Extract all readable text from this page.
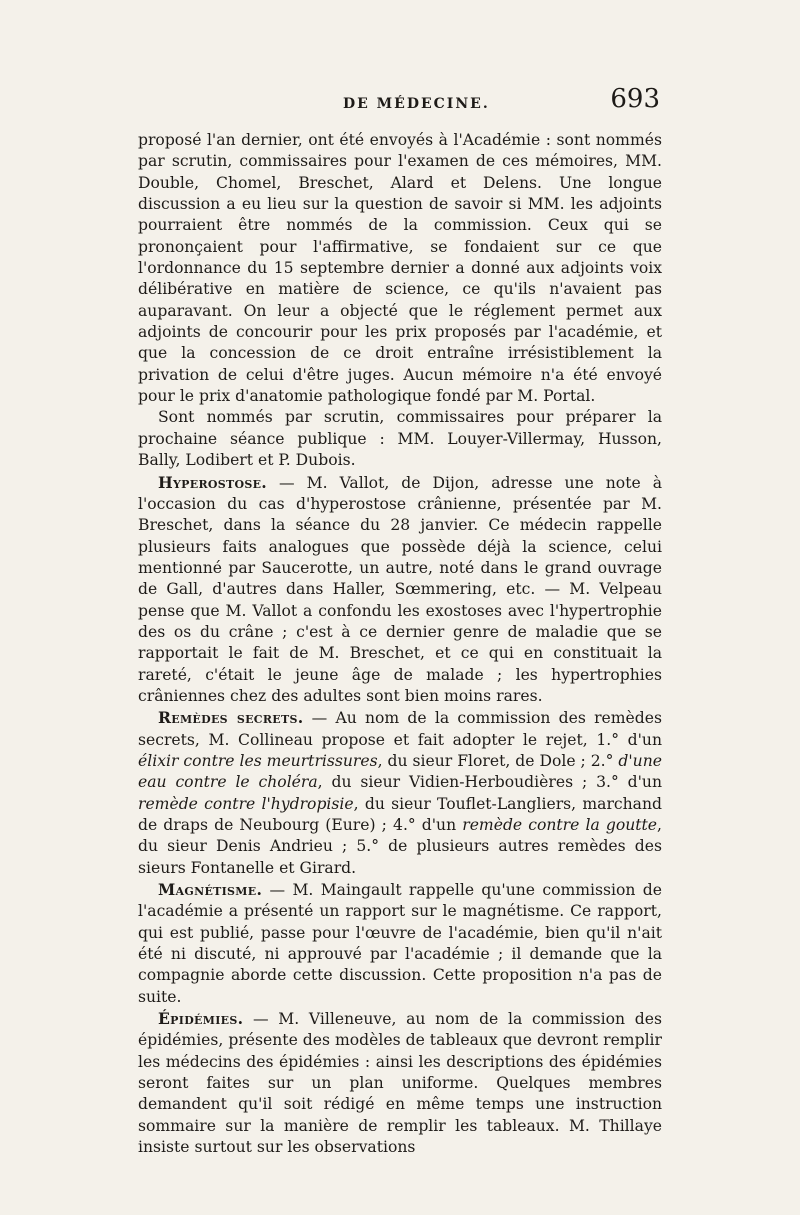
DE MÉDECINE.	693

proposé l'an dernier, ont été envoyés à l'Académie : sont nommés par scrutin, commissaires pour l'examen de ces mémoires, MM. Double, Chomel, Breschet, Alard et Delens. Une longue discussion a eu lieu sur la question de savoir si MM. les adjoints pourraient être nommés de la commission. Ceux qui se prononçaient pour l'affirmative, se fondaient sur ce que l'ordonnance du 15 septembre dernier a donné aux adjoints voix délibérative en matière de science, ce qu'ils n'avaient pas auparavant. On leur a objecté que le réglement permet aux adjoints de concourir pour les prix proposés par l'académie, et que la concession de ce droit entraîne irrésistiblement la privation de celui d'être juges. Aucun mémoire n'a été envoyé pour le prix d'anatomie pathologique fondé par M. Portal.

Sont nommés par scrutin, commissaires pour préparer la prochaine séance publique : MM. Louyer-Villermay, Husson, Bally, Lodibert et P. Dubois.

Hyperostose. — M. Vallot, de Dijon, adresse une note à l'occasion du cas d'hyperostose crânienne, présentée par M. Breschet, dans la séance du 28 janvier. Ce médecin rappelle plusieurs faits analogues que possède déjà la science, celui mentionné par Saucerotte, un autre, noté dans le grand ouvrage de Gall, d'autres dans Haller, Sœmmering, etc. — M. Velpeau pense que M. Vallot a confondu les exostoses avec l'hypertrophie des os du crâne ; c'est à ce dernier genre de maladie que se rapportait le fait de M. Breschet, et ce qui en constituait la rareté, c'était le jeune âge de malade ; les hypertrophies crâniennes chez des adultes sont bien moins rares.

Remèdes secrets. — Au nom de la commission des remèdes secrets, M. Collineau propose et fait adopter le rejet, 1.° d'un élixir contre les meurtrissures, du sieur Floret, de Dole ; 2.° d'une eau contre le choléra, du sieur Vidien-Herboudières ; 3.° d'un remède contre l'hydropisie, du sieur Touflet-Langliers, marchand de draps de Neubourg (Eure) ; 4.° d'un remède contre la goutte, du sieur Denis Andrieu ; 5.° de plusieurs autres remèdes des sieurs Fontanelle et Girard.

Magnétisme. — M. Maingault rappelle qu'une commission de l'académie a présenté un rapport sur le magnétisme. Ce rapport, qui est publié, passe pour l'œuvre de l'académie, bien qu'il n'ait été ni discuté, ni approuvé par l'académie ; il demande que la compagnie aborde cette discussion. Cette proposition n'a pas de suite.

Épidémies. — M. Villeneuve, au nom de la commission des épidémies, présente des modèles de tableaux que devront remplir les médecins des épidémies : ainsi les descriptions des épidémies seront faites sur un plan uniforme. Quelques membres demandent qu'il soit rédigé en même temps une instruction sommaire sur la manière de remplir les tableaux. M. Thillaye insiste surtout sur les observations
